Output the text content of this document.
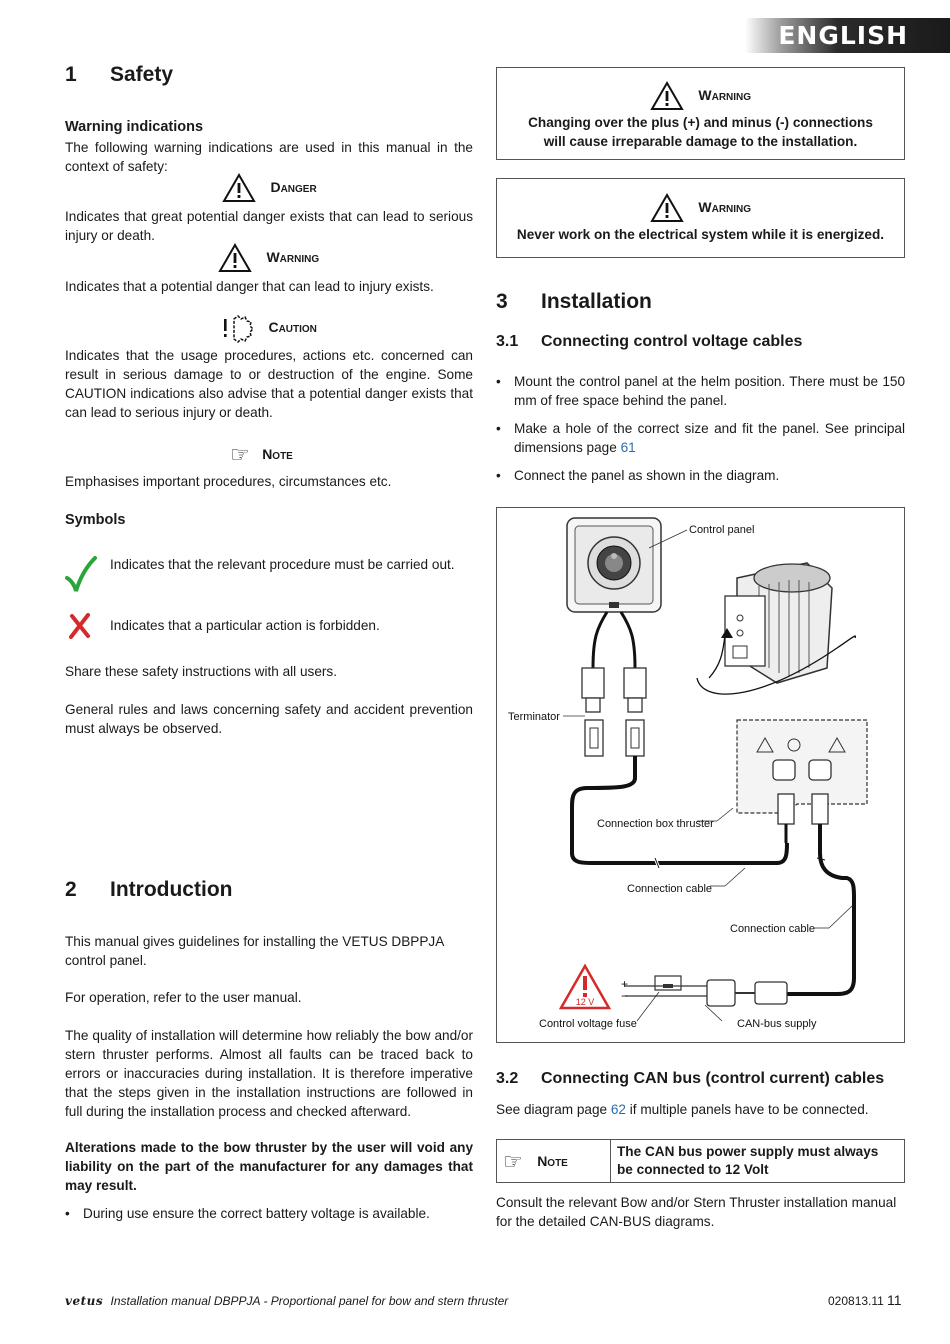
ENGLISH
1 Safety
Warning indications
The following warning indications are used in this manual in the context of safety:
Danger
Indicates that great potential danger exists that can lead to serious injury or death.
Warning
Indicates that a potential danger that can lead to injury exists.
Caution
Indicates that the usage procedures, actions etc. concerned can result in serious damage to or destruction of the engine. Some CAUTION indications also advise that a potential danger exists that can lead to serious injury or death.
☞ Note
Emphasises important procedures, circumstances etc.
Symbols
Indicates that the relevant procedure must be carried out.
Indicates that a particular action is forbidden.
Share these safety instructions with all users.
General rules and laws concerning safety and accident prevention must always be observed.
2 Introduction
This manual gives guidelines for installing the VETUS DBPPJA control panel.
For operation, refer to the user manual.
The quality of installation will determine how reliably the bow and/or stern thruster performs. Almost all faults can be traced back to errors or inaccuracies during installation. It is therefore imperative that the steps given in the installation instructions are followed in full during the installation process and checked afterward.
Alterations made to the bow thruster by the user will void any liability on the part of the manufacturer for any damages that may result.
• During use ensure the correct battery voltage is available.
Warning
Changing over the plus (+) and minus (-) connections will cause irreparable damage to the installation.
Warning
Never work on the electrical system while it is energized.
3 Installation
3.1 Connecting control voltage cables
• Mount the control panel at the helm position. There must be 150 mm of free space behind the panel.
• Make a hole of the correct size and fit the panel. See principal dimensions page 61
• Connect the panel as shown in the diagram.
12 V
+
−
Control panel
Terminator
Connection box thruster
Connection cable
Connection cable
Control voltage fuse	CAN-bus supply
3.2 Connecting CAN bus (control current) cables
See diagram page 62 if multiple panels have to be connected.
☞ Note
The CAN bus power supply must always be connected to 12 Volt
Consult the relevant Bow and/or Stern Thruster installation manual for the detailed CAN-BUS diagrams.
vetus Installation manual DBPPJA - Proportional panel for bow and stern thruster	020813.11 11
